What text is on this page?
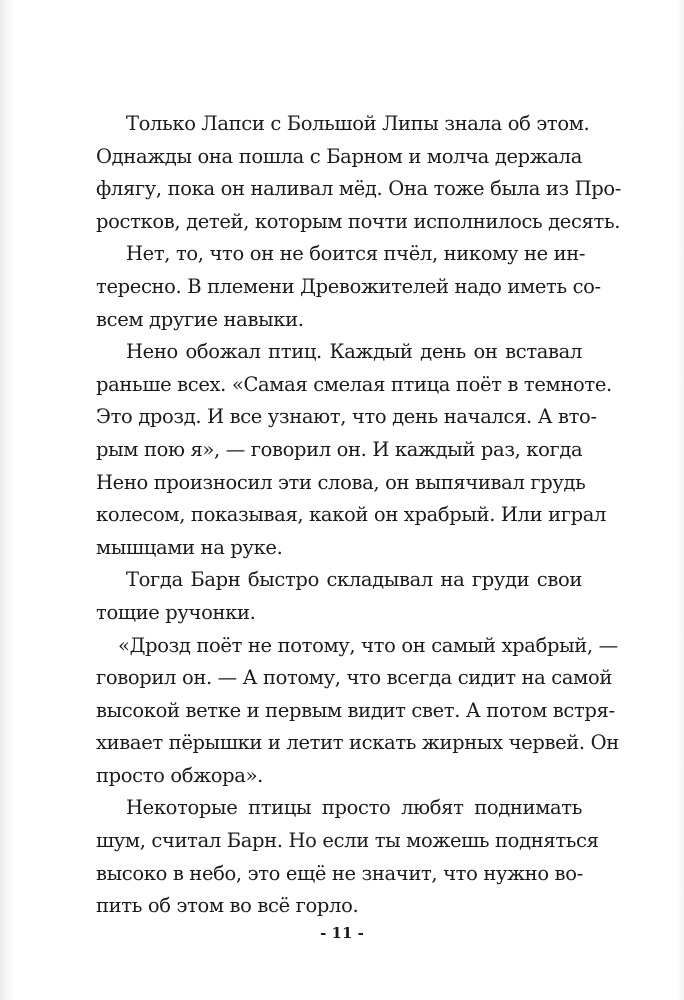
Только Лапси с Большой Липы знала об этом.
Однажды она пошла с Барном и молча держала
флягу, пока он наливал мёд. Она тоже была из Про-
ростков, детей, которым почти исполнилось десять.

Нет, то, что он не боится пчёл, никому не ин-
тересно. В племени Древожителей надо иметь со-
всем другие навыки.

Нено обожал птиц. Каждый день он вставал
раньше всех. «Самая смелая птица поёт в темноте.
Это дрозд. И все узнают, что день начался. А вто-
рым пою я», — говорил он. И каждый раз, когда
Нено произносил эти слова, он выпячивал грудь
колесом, показывая, какой он храбрый. Или играл
мышцами на руке.

Тогда Барн быстро складывал на груди свои
тощие ручонки.

«Дрозд поёт не потому, что он самый храбрый, —
говорил он. — А потому, что всегда сидит на самой
высокой ветке и первым видит свет. А потом встря-
хивает пёрышки и летит искать жирных червей. Он
просто обжора».

Некоторые птицы просто любят поднимать
шум, считал Барн. Но если ты можешь подняться
высоко в небо, это ещё не значит, что нужно во-
пить об этом во всё горло.

- 11 -
